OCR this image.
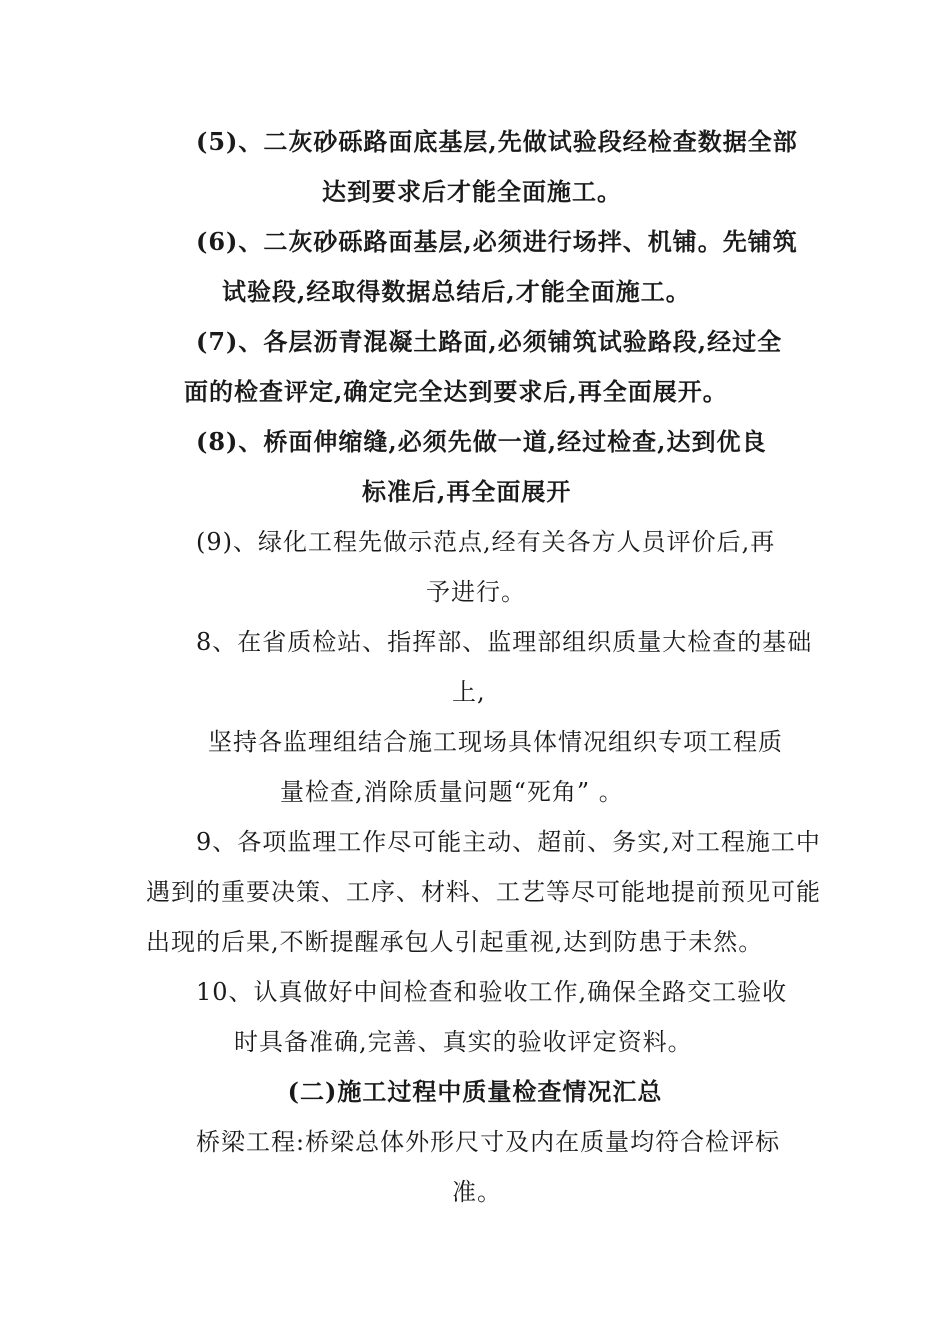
(5)、二灰砂砾路面底基层,先做试验段经检查数据全部
达到要求后才能全面施工。
(6)、二灰砂砾路面基层,必须进行场拌、机铺。先铺筑
试验段,经取得数据总结后,才能全面施工。
(7)、各层沥青混凝土路面,必须铺筑试验路段,经过全
面的检查评定,确定完全达到要求后,再全面展开。
(8)、桥面伸缩缝,必须先做一道,经过检查,达到优良
标准后,再全面展开
(9)、绿化工程先做示范点,经有关各方人员评价后,再
予进行。
8、在省质检站、指挥部、监理部组织质量大检查的基础
上,
坚持各监理组结合施工现场具体情况组织专项工程质
量检查,消除质量问题“死角” 。
9、各项监理工作尽可能主动、超前、务实,对工程施工中
遇到的重要决策、工序、材料、工艺等尽可能地提前预见可能
出现的后果,不断提醒承包人引起重视,达到防患于未然。
10、认真做好中间检查和验收工作,确保全路交工验收
时具备准确,完善、真实的验收评定资料。
(二)施工过程中质量检查情况汇总
桥梁工程:桥梁总体外形尺寸及内在质量均符合检评标
准。
